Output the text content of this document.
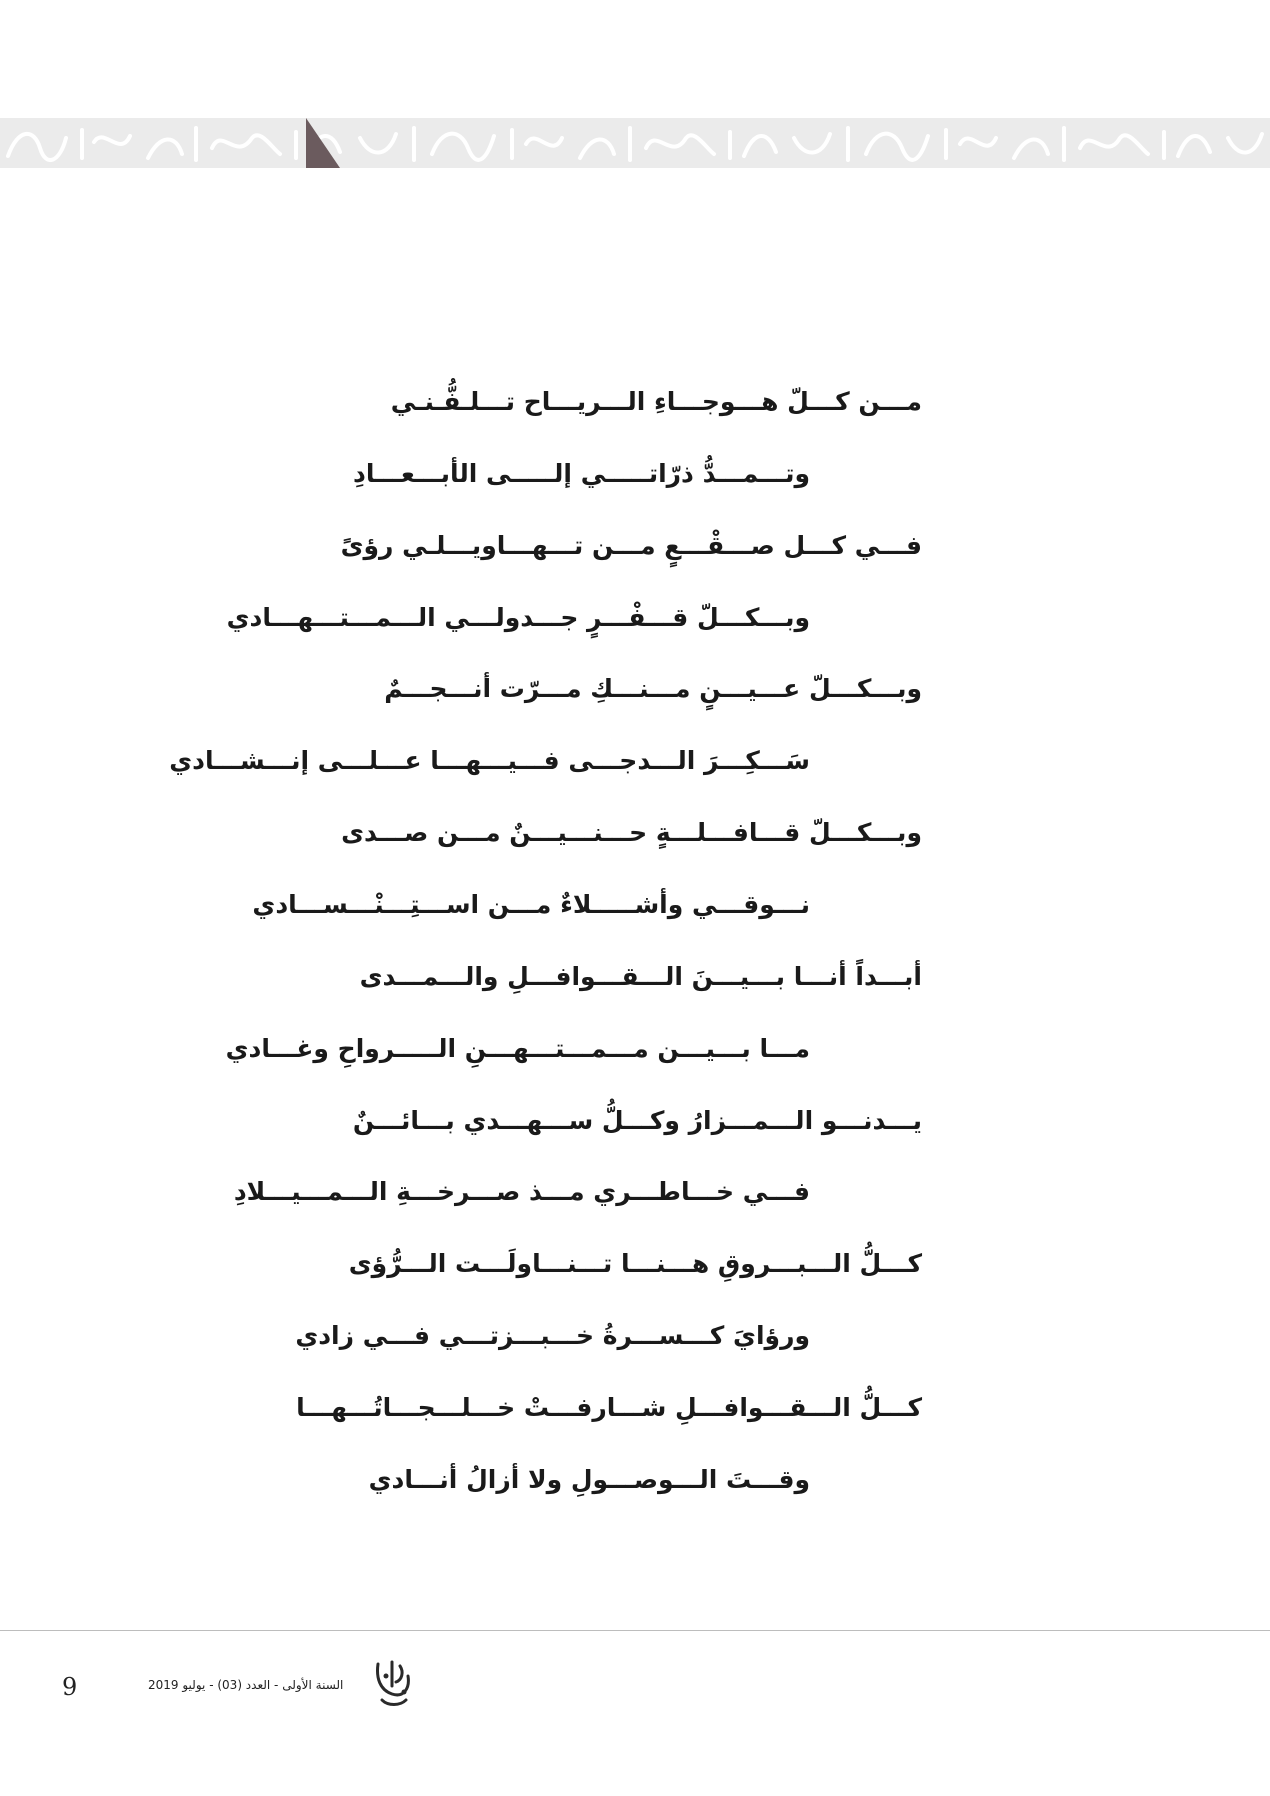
مـــن كـــلّ هـــوجـــاءِ الـــريـــاح تـــلـفُّـنـي
وتـــمـــدُّ ذرّاتـــــي إلـــــى الأبـــعـــادِ
فـــي كـــل صـــقْـــعٍ مـــن تـــهـــاويـــلـي رؤىً
وبـــكـــلّ قـــفْـــرٍ جـــدولـــي الـــمـــتـــهـــادي
وبـــكـــلّ عـــيـــنٍ مـــنـــكِ مـــرّت أنـــجـــمٌ
سَـــكِـــرَ الـــدجـــى فـــيـــهـــا عـــلـــى إنـــشـــادي
وبـــكـــلّ قـــافـــلـــةٍ حـــنـــيـــنٌ مـــن صـــدى
نـــوقـــي وأشـــــلاءٌ مـــن اســـتِـــنْـــســـادي
أبـــداً أنـــا بـــيـــنَ الـــقـــوافـــلِ والـــمـــدى
مـــا بـــيـــن مـــمـــتـــهـــنِ الـــــرواحِ وغـــادي
يـــدنـــو الـــمـــزارُ وكـــلُّ ســـهـــدي بـــائـــنٌ
فـــي خـــاطـــري مـــذ صـــرخـــةِ الـــمـــيـــلادِ
كـــلُّ الـــبـــروقِ هـــنـــا تـــنـــاولَـــت الـــرُّؤى
ورؤايَ كـــســـرةُ خـــبـــزتـــي فـــي زادي
كـــلُّ الـــقـــوافـــلِ شـــارفـــتْ خـــلـــجـــاتُـــهـــا
وقـــتَ الـــوصـــولِ ولا أزالُ أنـــادي
9	السنة الأولى - العدد (03) - يوليو 2019
